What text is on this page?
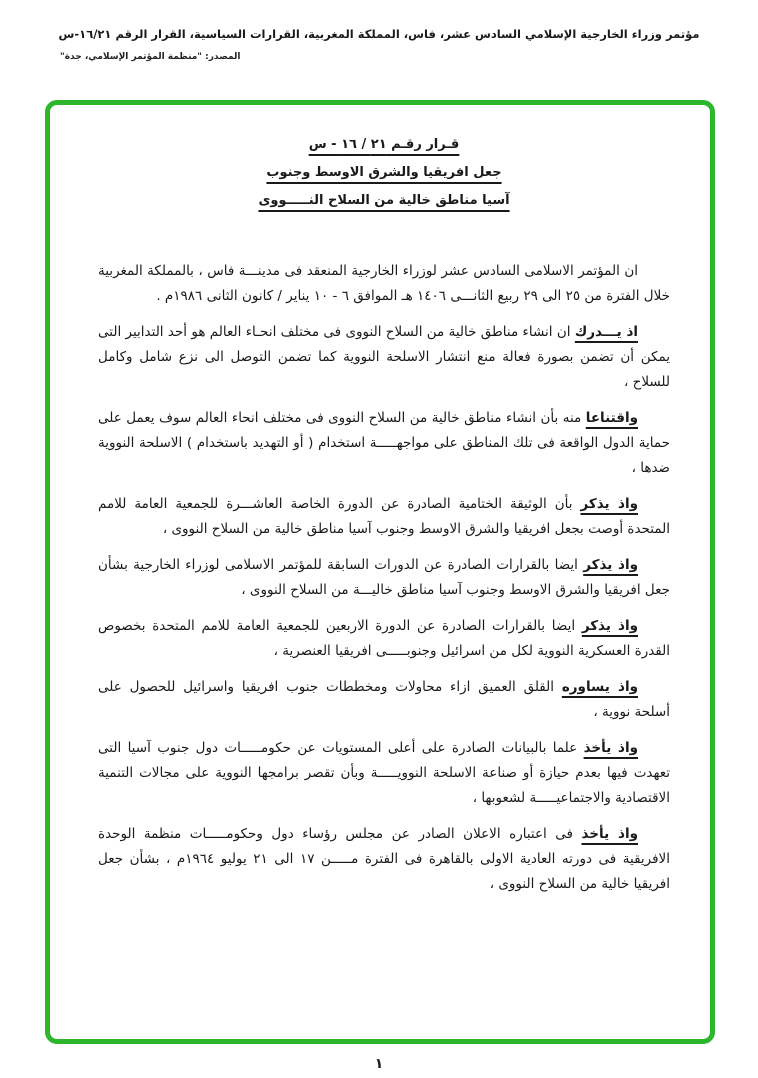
مؤتمر وزراء الخارجية الإسلامي السادس عشر، فاس، المملكة المغربية، القرارات السياسية، القرار الرقم ١٦/٢١-س
المصدر: "منظمة المؤتمر الإسلامي، جدة"
قـرار رقـم ٢١ / ١٦ - س
جعل افريقيا والشرق الاوسط وجنوب
آسيا مناطق خالية من السلاح النـــــووى

ان المؤتمر الاسلامى السادس عشر لوزراء الخارجية المنعقد فى مدينـــة فاس ، بالمملكة المغربية خلال الفترة من ٢٥ الى ٢٩ ربيع الثانـــى ١٤٠٦ هـ الموافق ٦ - ١٠ يناير / كانون الثانى ١٩٨٦م .

اذ يـــدرك ان انشاء مناطق خالية من السلاح النووى فى مختلف انحـاء العالم هو أحد التدابير التى يمكن أن تضمن بصورة فعالة منع انتشار الاسلحة النووية كما تضمن التوصل الى نزع شامل وكامل للسلاح ،

واقتناعا منه بأن انشاء مناطق خالية من السلاح النووى فى مختلف انحاء العالم سوف يعمل على حماية الدول الواقعة فى تلك المناطق على مواجهـــــة استخدام ( أو التهديد باستخدام ) الاسلحة النووية ضدها ،

واذ يذكر بأن الوثيقة الختامية الصادرة عن الدورة الخاصة العاشـــرة للجمعية العامة للامم المتحدة أوصت بجعل افريقيا والشرق الاوسط وجنوب آسيا مناطق خالية من السلاح النووى ،

واذ يذكر ايضا بالقرارات الصادرة عن الدورات السابقة للمؤتمر الاسلامى لوزراء الخارجية بشأن جعل افريقيا والشرق الاوسط وجنوب آسيا مناطق خاليـــة من السلاح النووى ،

واذ يذكر ايضا بالقرارات الصادرة عن الدورة الاربعين للجمعية العامة للامم المتحدة بخصوص القدرة العسكرية النووية لكل من اسرائيل وجنوبـــــى افريقيا العنصرية ،

واذ يساوره القلق العميق ازاء محاولات ومخططات جنوب افريقيا واسرائيل للحصول على أسلحة نووية ،

واذ يأخذ علما بالبيانات الصادرة على أعلى المستويات عن حكومـــــات دول جنوب آسيا التى تعهدت فيها بعدم حيازة أو صناعة الاسلحة النوويـــــة وبأن تقصر برامجها النووية على مجالات التنمية الاقتصادية والاجتماعيـــــة لشعوبها ،

واذ يأخذ فى اعتباره الاعلان الصادر عن مجلس رؤساء دول وحكومـــــات منظمة الوحدة الافريقية فى دورته العادية الاولى بالقاهرة فى الفترة مـــــن ١٧ الى ٢١ يوليو ١٩٦٤م ، بشأن جعل افريقيا خالية من السلاح النووى ،

١
